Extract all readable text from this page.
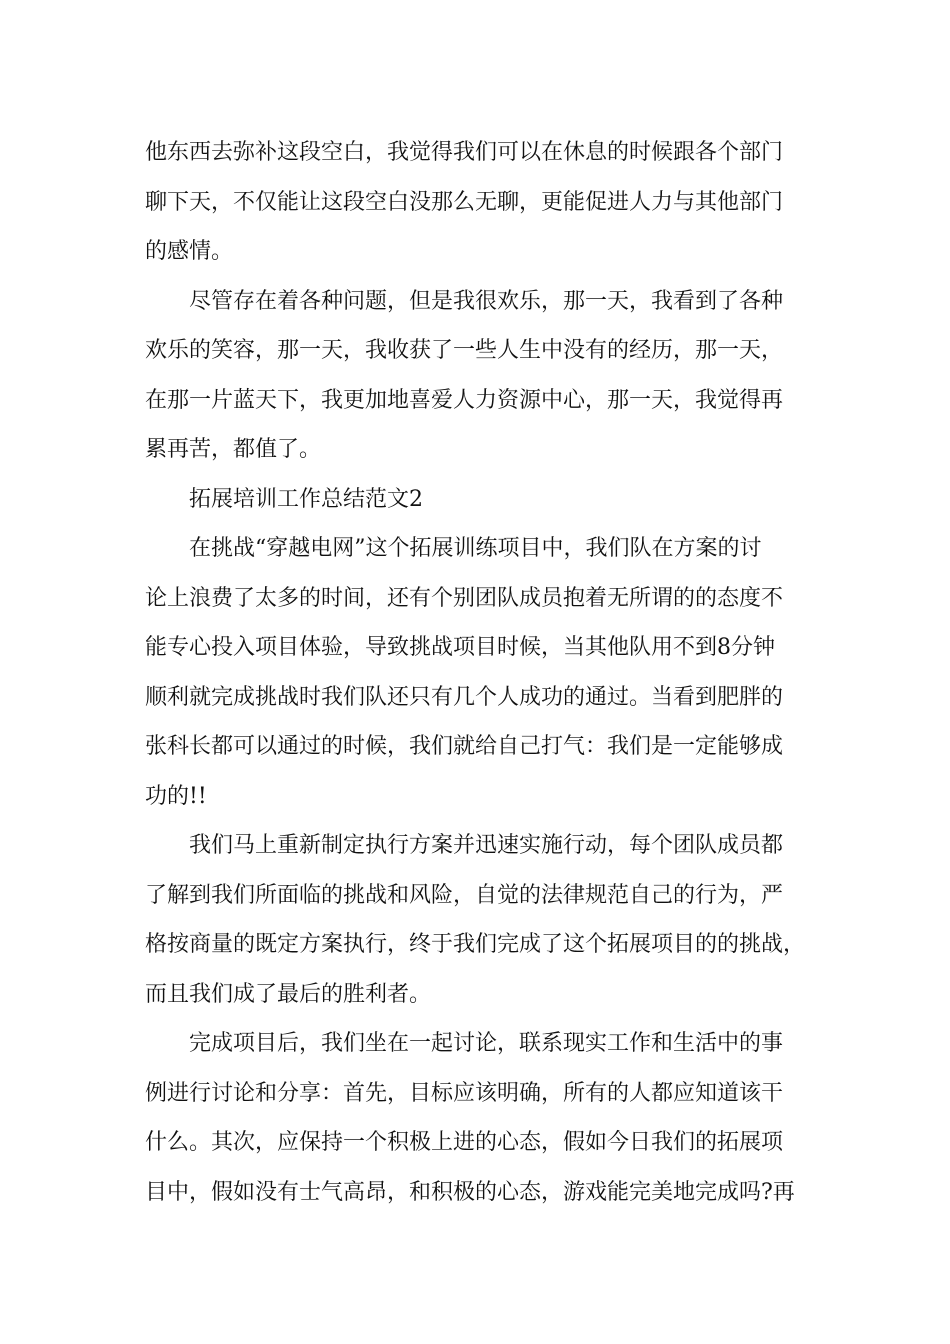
他东西去弥补这段空白，我觉得我们可以在休息的时候跟各个部门
聊下天，不仅能让这段空白没那么无聊，更能促进人力与其他部门
的感情。
尽管存在着各种问题，但是我很欢乐，那一天，我看到了各种
欢乐的笑容，那一天，我收获了一些人生中没有的经历，那一天，
在那一片蓝天下，我更加地喜爱人力资源中心，那一天，我觉得再
累再苦，都值了。
拓展培训工作总结范文2
在挑战“穿越电网”这个拓展训练项目中，我们队在方案的讨
论上浪费了太多的时间，还有个别团队成员抱着无所谓的的态度不
能专心投入项目体验，导致挑战项目时候，当其他队用不到8分钟
顺利就完成挑战时我们队还只有几个人成功的通过。当看到肥胖的
张科长都可以通过的时候，我们就给自己打气：我们是一定能够成
功的!!
我们马上重新制定执行方案并迅速实施行动，每个团队成员都
了解到我们所面临的挑战和风险，自觉的法律规范自己的行为，严
格按商量的既定方案执行，终于我们完成了这个拓展项目的的挑战，
而且我们成了最后的胜利者。
完成项目后，我们坐在一起讨论，联系现实工作和生活中的事
例进行讨论和分享：首先，目标应该明确，所有的人都应知道该干
什么。其次，应保持一个积极上进的心态，假如今日我们的拓展项
目中，假如没有士气高昂，和积极的心态，游戏能完美地完成吗?再
